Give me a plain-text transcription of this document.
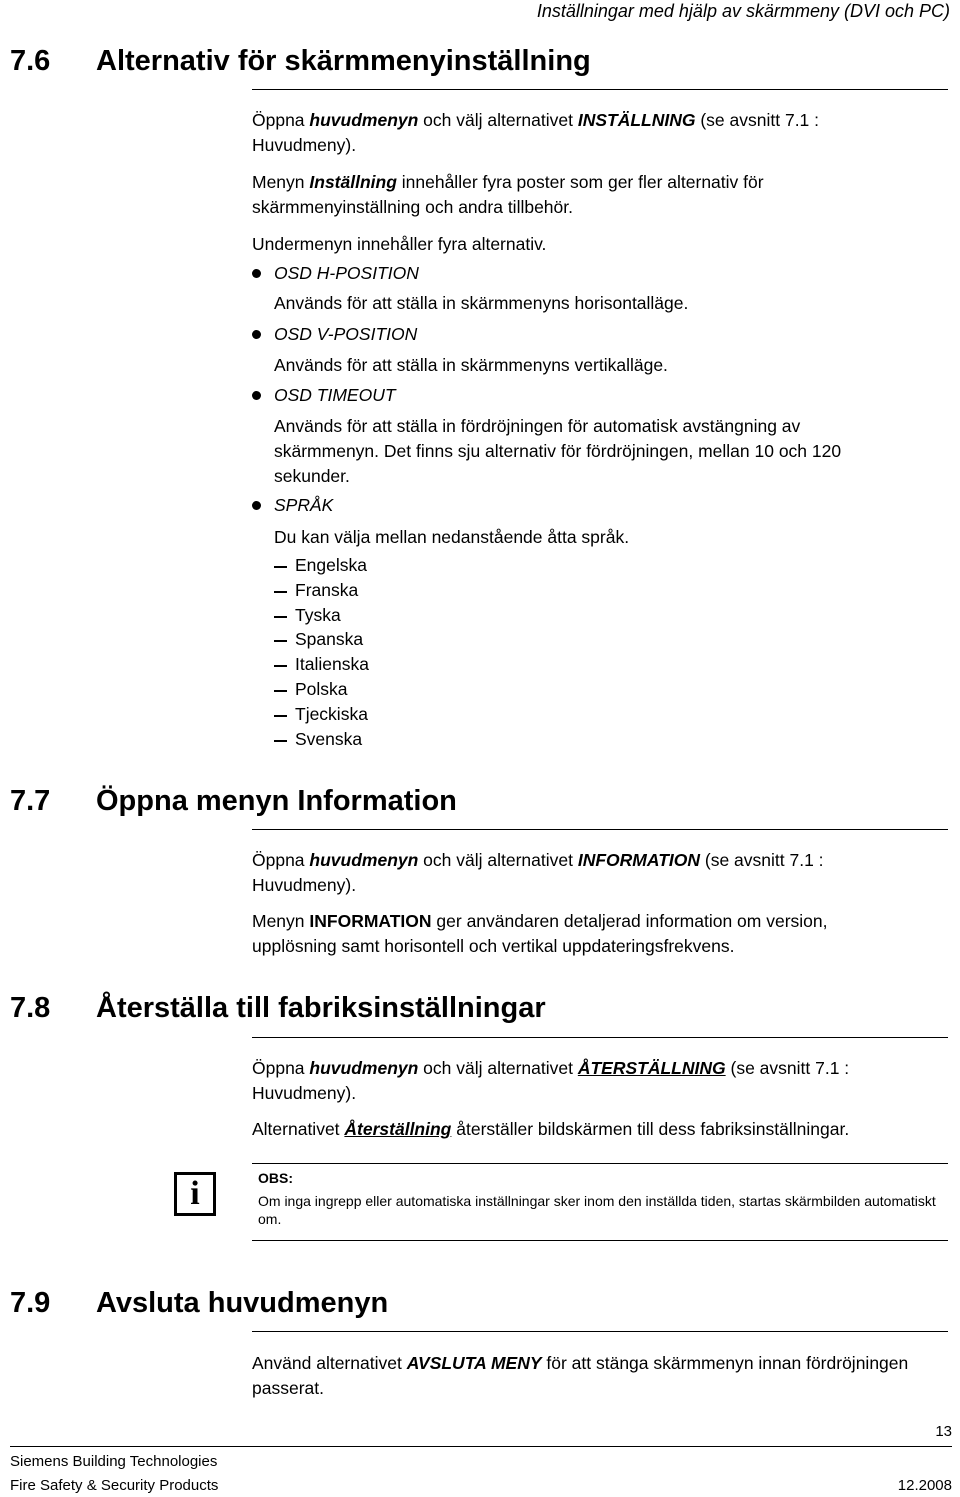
Inställningar med hjälp av skärmmeny (DVI och PC)
7.6 Alternativ för skärmmenyinställning

Öppna huvudmenyn och välj alternativet INSTÄLLNING (se avsnitt 7.1 : Huvudmeny).

Menyn Inställning innehåller fyra poster som ger fler alternativ för skärmmenyinställning och andra tillbehör.

Undermenyn innehåller fyra alternativ.

OSD H-POSITION

Används för att ställa in skärmmenyns horisontalläge.

OSD V-POSITION

Används för att ställa in skärmmenyns vertikalläge.

OSD TIMEOUT

Används för att ställa in fördröjningen för automatisk avstängning av skärmmenyn. Det finns sju alternativ för fördröjningen, mellan 10 och 120 sekunder.

SPRÅK

Du kan välja mellan nedanstående åtta språk.

Engelska
Franska
Tyska
Spanska
Italienska
Polska
Tjeckiska
Svenska
7.7 Öppna menyn Information

Öppna huvudmenyn och välj alternativet INFORMATION (se avsnitt 7.1 : Huvudmeny).

Menyn INFORMATION ger användaren detaljerad information om version, upplösning samt horisontell och vertikal uppdateringsfrekvens.

7.8 Återställa till fabriksinställningar

Öppna huvudmenyn och välj alternativet ÅTERSTÄLLNING (se avsnitt 7.1 : Huvudmeny).

Alternativet Återställning återställer bildskärmen till dess fabriksinställningar.

i	OBS:
Om inga ingrepp eller automatiska inställningar sker inom den inställda tiden, startas skärmbilden automatiskt om.
7.9 Avsluta huvudmenyn

Använd alternativet AVSLUTA MENY för att stänga skärmmenyn innan fördröjningen passerat.

13
Siemens Building Technologies
Fire Safety & Security Products	12.2008
